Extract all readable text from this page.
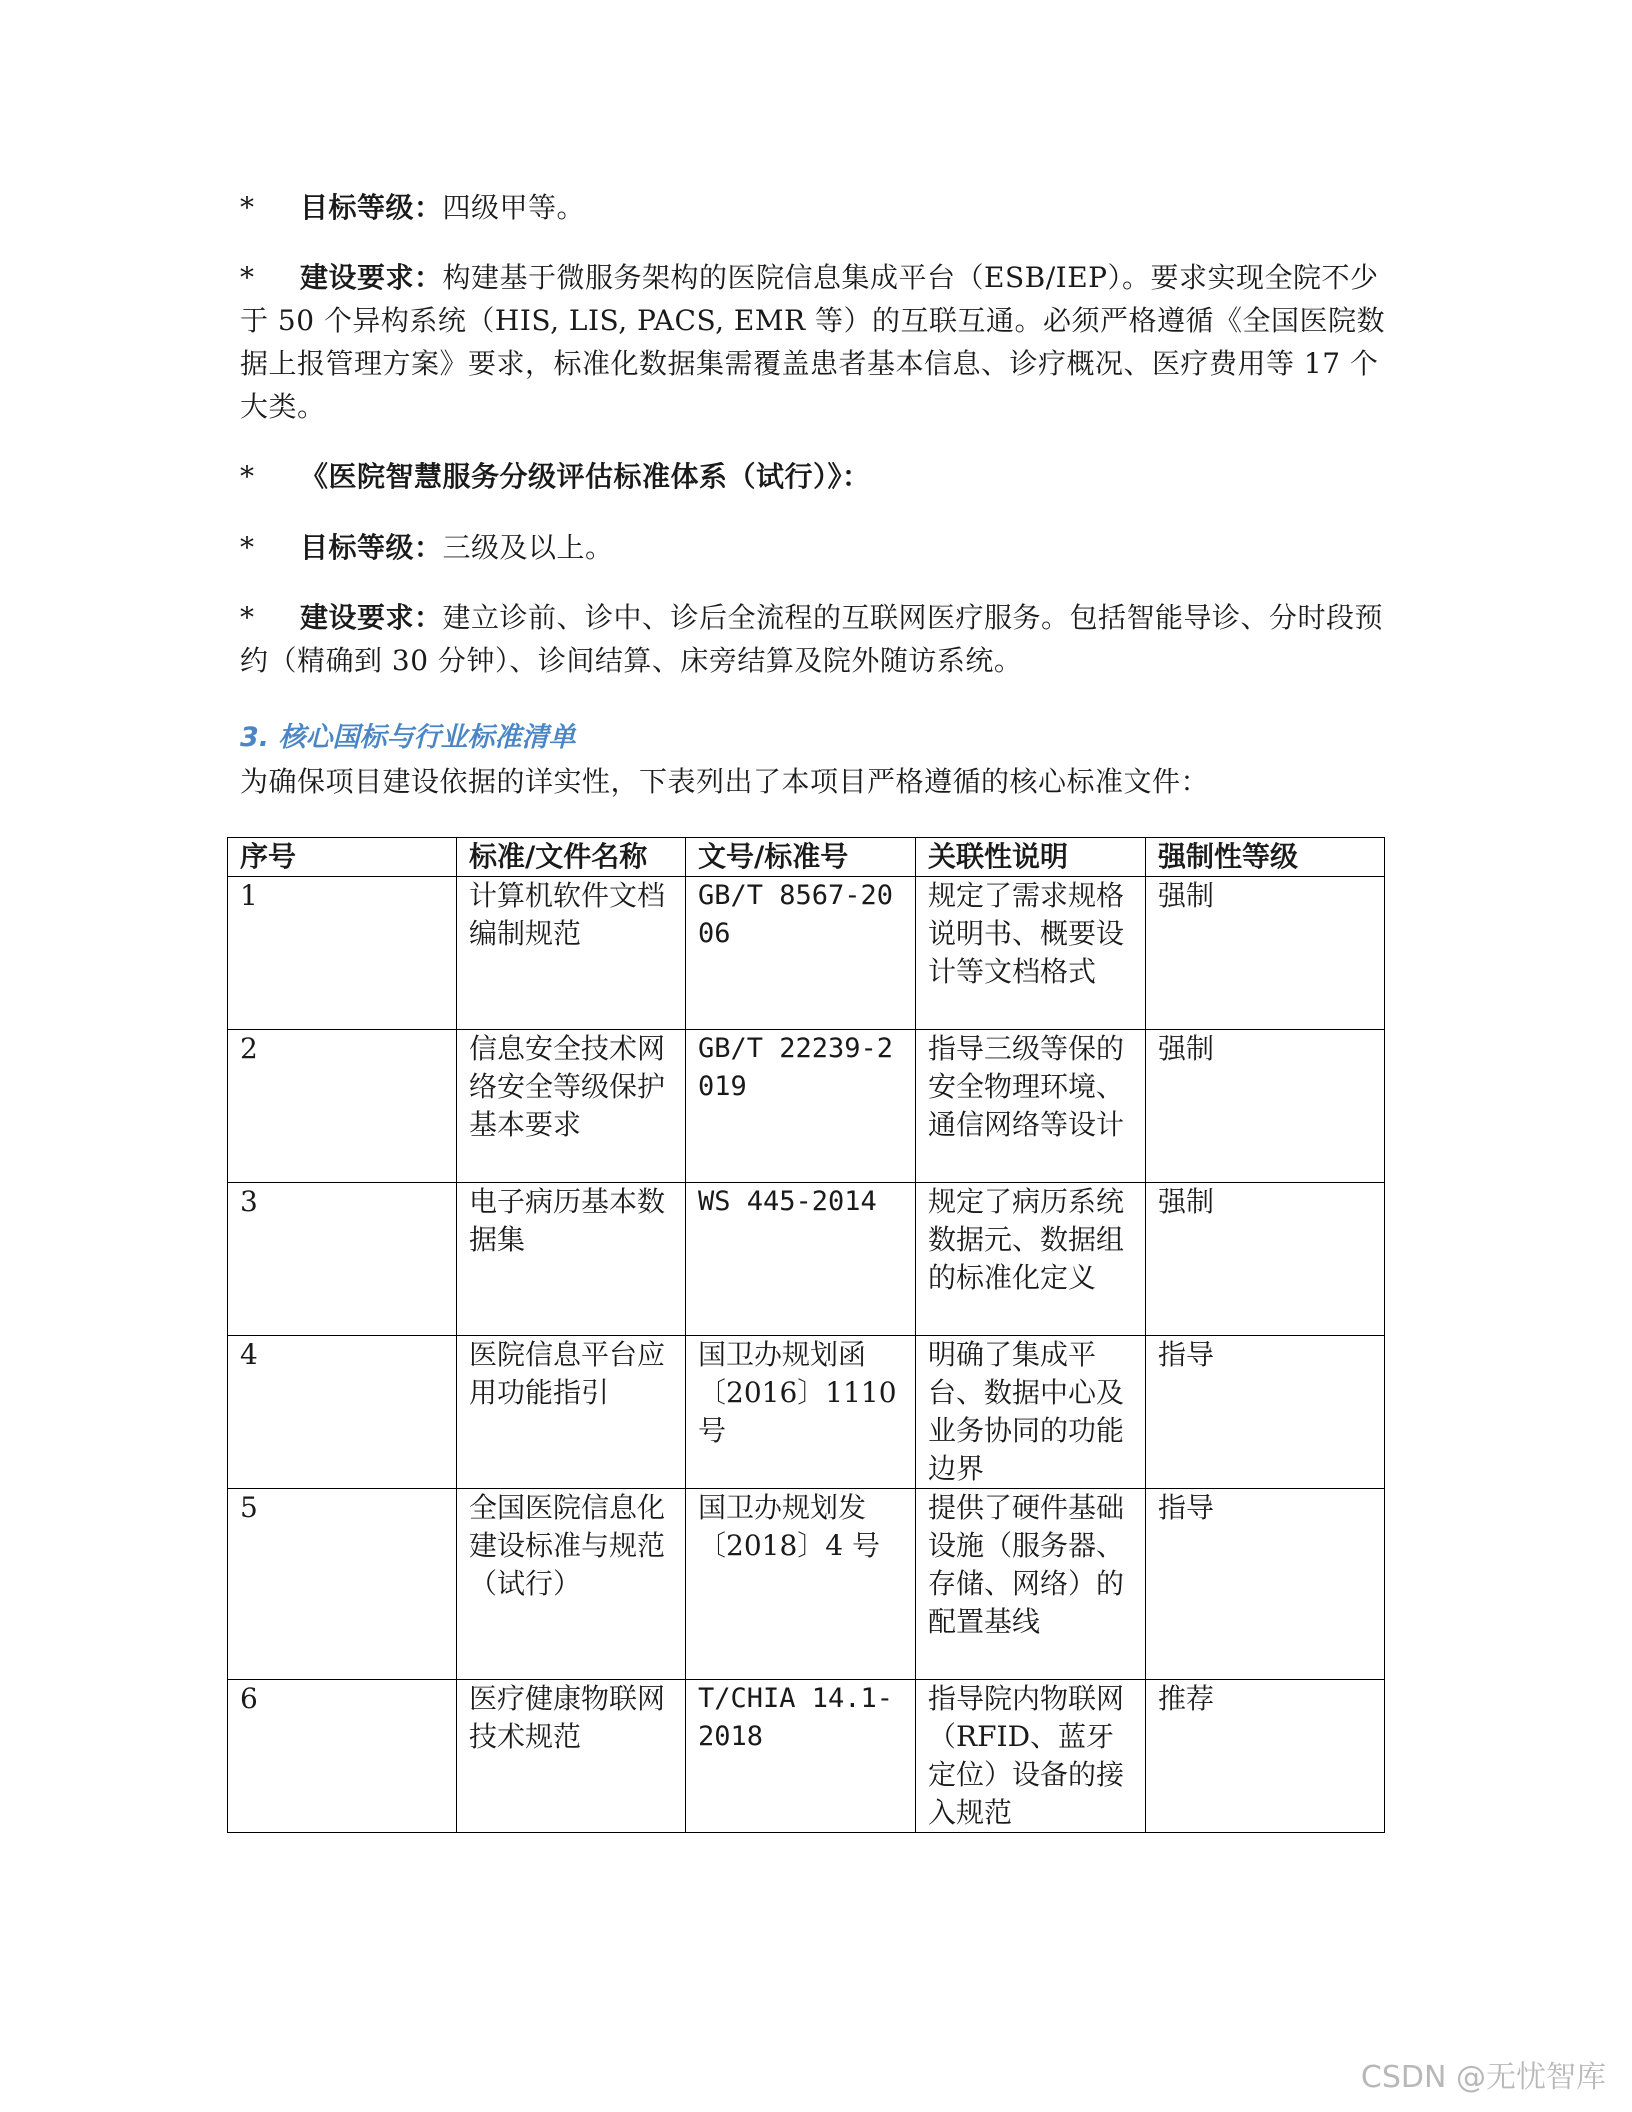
* 目标等级：四级甲等。
* 建设要求：构建基于微服务架构的医院信息集成平台（ESB/IEP）。要求实现全院不少于 50 个异构系统（HIS, LIS, PACS, EMR 等）的互联互通。必须严格遵循《全国医院数据上报管理方案》要求，标准化数据集需覆盖患者基本信息、诊疗概况、医疗费用等 17 个大类。
* 《医院智慧服务分级评估标准体系（试行）》：
* 目标等级：三级及以上。
* 建设要求：建立诊前、诊中、诊后全流程的互联网医疗服务。包括智能导诊、分时段预约（精确到 30 分钟）、诊间结算、床旁结算及院外随访系统。
3. 核心国标与行业标准清单
为确保项目建设依据的详实性，下表列出了本项目严格遵循的核心标准文件：
序号	标准/文件名称	文号/标准号	关联性说明	强制性等级
1	计算机软件文档编制规范	GB/T 8567-2006	规定了需求规格说明书、概要设计等文档格式	强制
2	信息安全技术网络安全等级保护基本要求	GB/T 22239-2019	指导三级等保的安全物理环境、通信网络等设计	强制
3	电子病历基本数据集	WS 445-2014	规定了病历系统数据元、数据组的标准化定义	强制
4	医院信息平台应用功能指引	国卫办规划函〔2016〕1110 号	明确了集成平台、数据中心及业务协同的功能边界	指导
5	全国医院信息化建设标准与规范（试行）	国卫办规划发〔2018〕4 号	提供了硬件基础设施（服务器、存储、网络）的配置基线	指导
6	医疗健康物联网技术规范	T/CHIA 14.1-2018	指导院内物联网（RFID、蓝牙定位）设备的接入规范	推荐
CSDN @无忧智库
